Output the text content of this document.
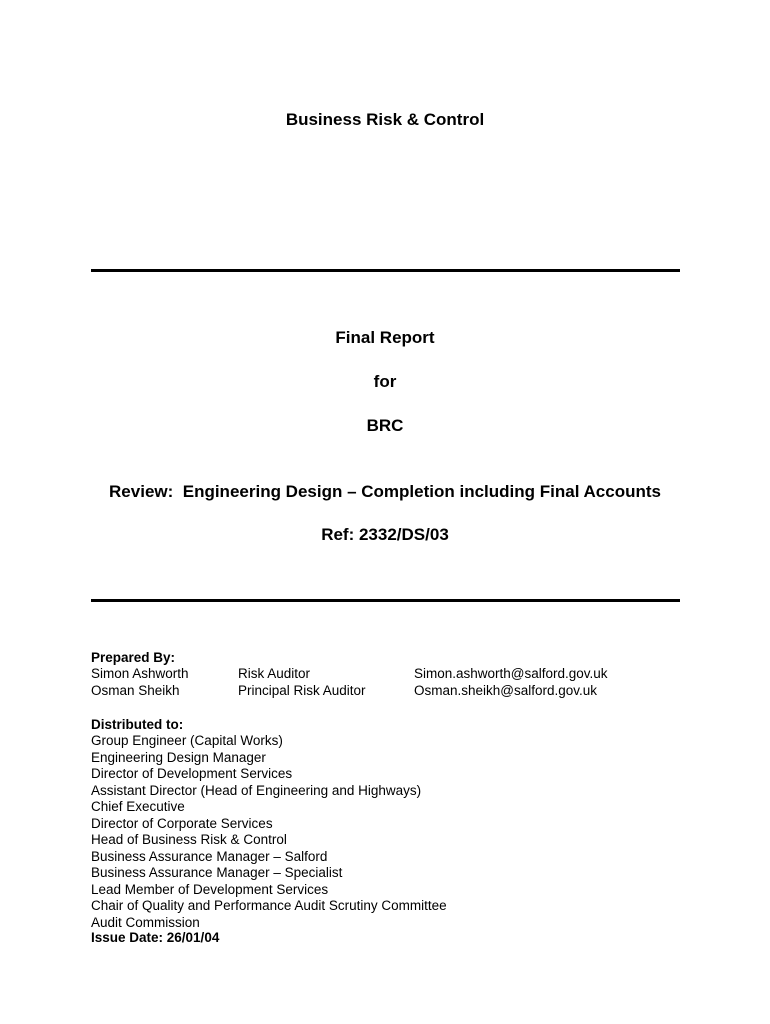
Business Risk & Control
Final Report
for
BRC
Review:  Engineering Design – Completion including Final Accounts
Ref: 2332/DS/03
Prepared By:
Simon Ashworth	Risk Auditor	Simon.ashworth@salford.gov.uk
Osman Sheikh	Principal Risk Auditor	Osman.sheikh@salford.gov.uk
Distributed to:
Group Engineer (Capital Works)
Engineering Design Manager
Director of Development Services
Assistant Director (Head of Engineering and Highways)
Chief Executive
Director of Corporate Services
Head of Business Risk & Control
Business Assurance Manager – Salford
Business Assurance Manager – Specialist
Lead Member of Development Services
Chair of Quality and Performance Audit Scrutiny Committee
Audit Commission
Issue Date: 26/01/04
